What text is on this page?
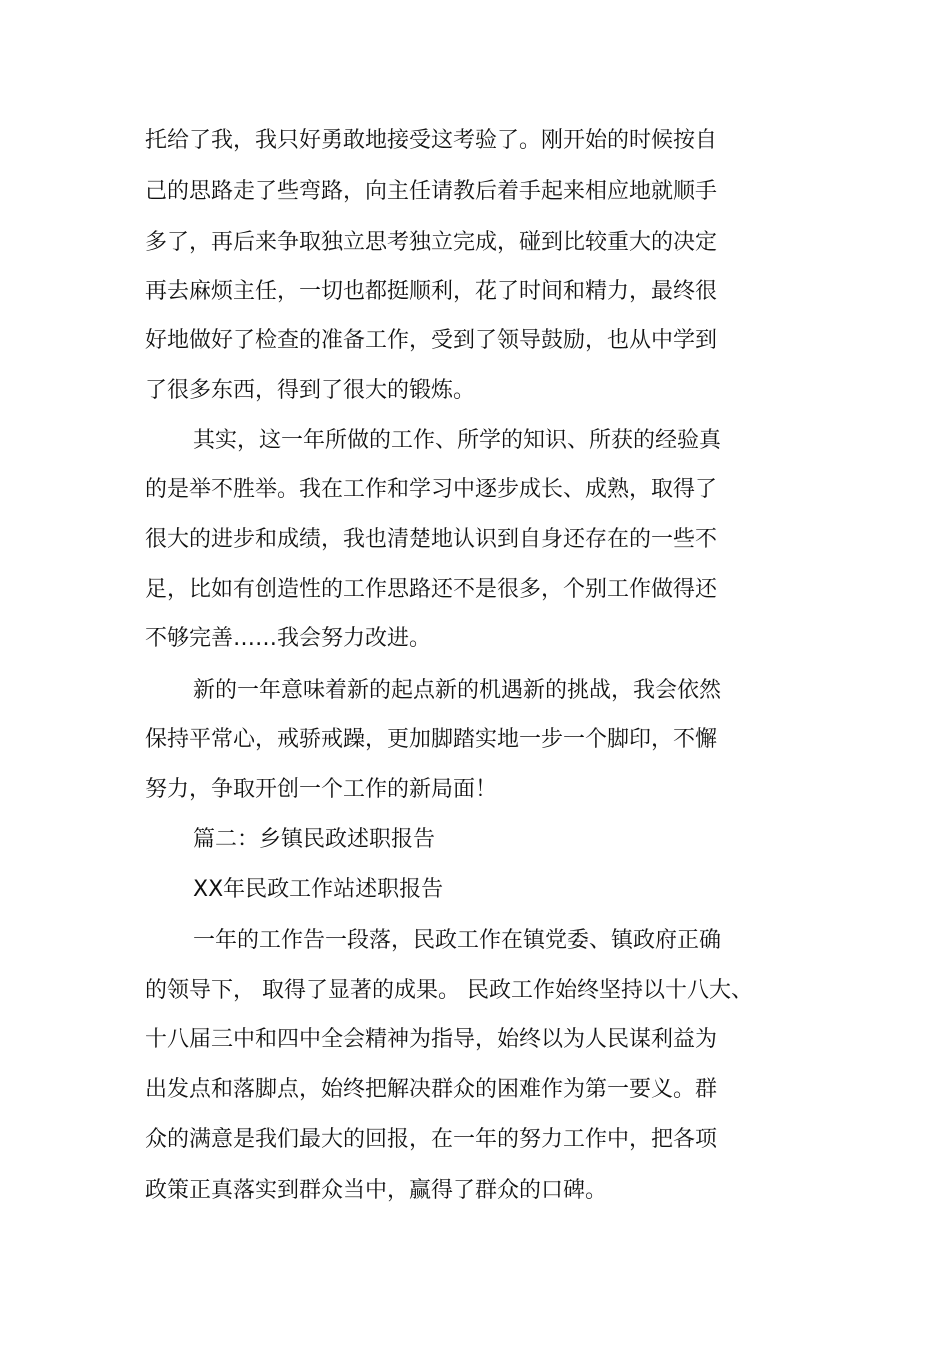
托给了我，我只好勇敢地接受这考验了。刚开始的时候按自
己的思路走了些弯路，向主任请教后着手起来相应地就顺手
多了，再后来争取独立思考独立完成，碰到比较重大的决定
再去麻烦主任，一切也都挺顺利，花了时间和精力，最终很
好地做好了检查的准备工作，受到了领导鼓励，也从中学到
了很多东西，得到了很大的锻炼。
其实，这一年所做的工作、所学的知识、所获的经验真
的是举不胜举。我在工作和学习中逐步成长、成熟，取得了
很大的进步和成绩，我也清楚地认识到自身还存在的一些不
足，比如有创造性的工作思路还不是很多，个别工作做得还
不够完善……我会努力改进。
新的一年意味着新的起点新的机遇新的挑战，我会依然
保持平常心，戒骄戒躁，更加脚踏实地一步一个脚印，不懈
努力，争取开创一个工作的新局面！
篇二：乡镇民政述职报告
XX年民政工作站述职报告
一年的工作告一段落，民政工作在镇党委、镇政府正确
的领导下， 取得了显著的成果。 民政工作始终坚持以十八大、
十八届三中和四中全会精神为指导，始终以为人民谋利益为
出发点和落脚点，始终把解决群众的困难作为第一要义。群
众的满意是我们最大的回报，在一年的努力工作中，把各项
政策正真落实到群众当中，赢得了群众的口碑。
